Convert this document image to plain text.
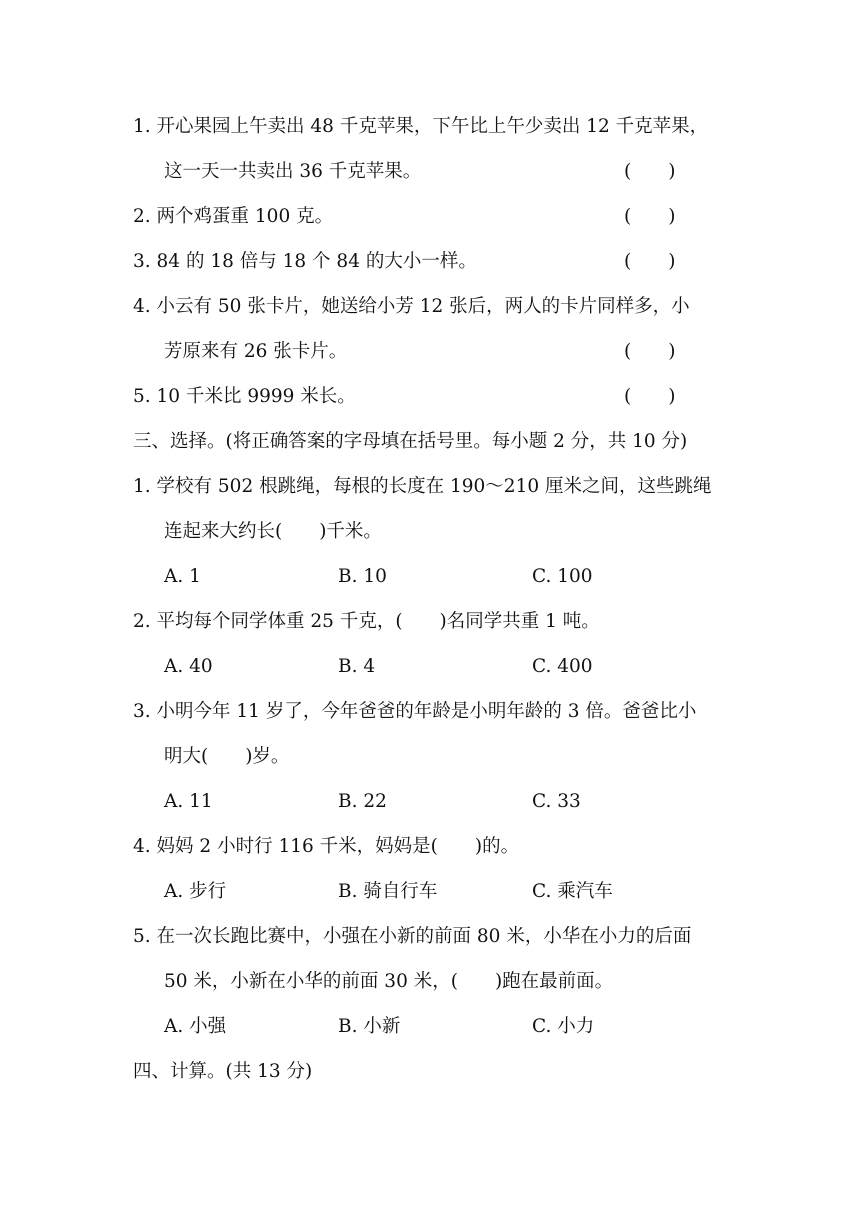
1. 开心果园上午卖出 48 千克苹果，下午比上午少卖出 12 千克苹果，
这一天一共卖出 36 千克苹果。	(　　)
2. 两个鸡蛋重 100 克。	(　　)
3. 84 的 18 倍与 18 个 84 的大小一样。	(　　)
4. 小云有 50 张卡片，她送给小芳 12 张后，两人的卡片同样多，小
芳原来有 26 张卡片。	(　　)
5. 10 千米比 9999 米长。	(　　)
三、选择。(将正确答案的字母填在括号里。每小题 2 分，共 10 分)
1. 学校有 502 根跳绳，每根的长度在 190～210 厘米之间，这些跳绳
连起来大约长(　　)千米。
A. 1	B. 10	C. 100
2. 平均每个同学体重 25 千克，(　　)名同学共重 1 吨。
A. 40	B. 4	C. 400
3. 小明今年 11 岁了，今年爸爸的年龄是小明年龄的 3 倍。爸爸比小
明大(　　)岁。
A. 11	B. 22	C. 33
4. 妈妈 2 小时行 116 千米，妈妈是(　　)的。
A. 步行	B. 骑自行车	C. 乘汽车
5. 在一次长跑比赛中，小强在小新的前面 80 米，小华在小力的后面
50 米，小新在小华的前面 30 米，(　　)跑在最前面。
A. 小强	B. 小新	C. 小力
四、计算。(共 13 分)
